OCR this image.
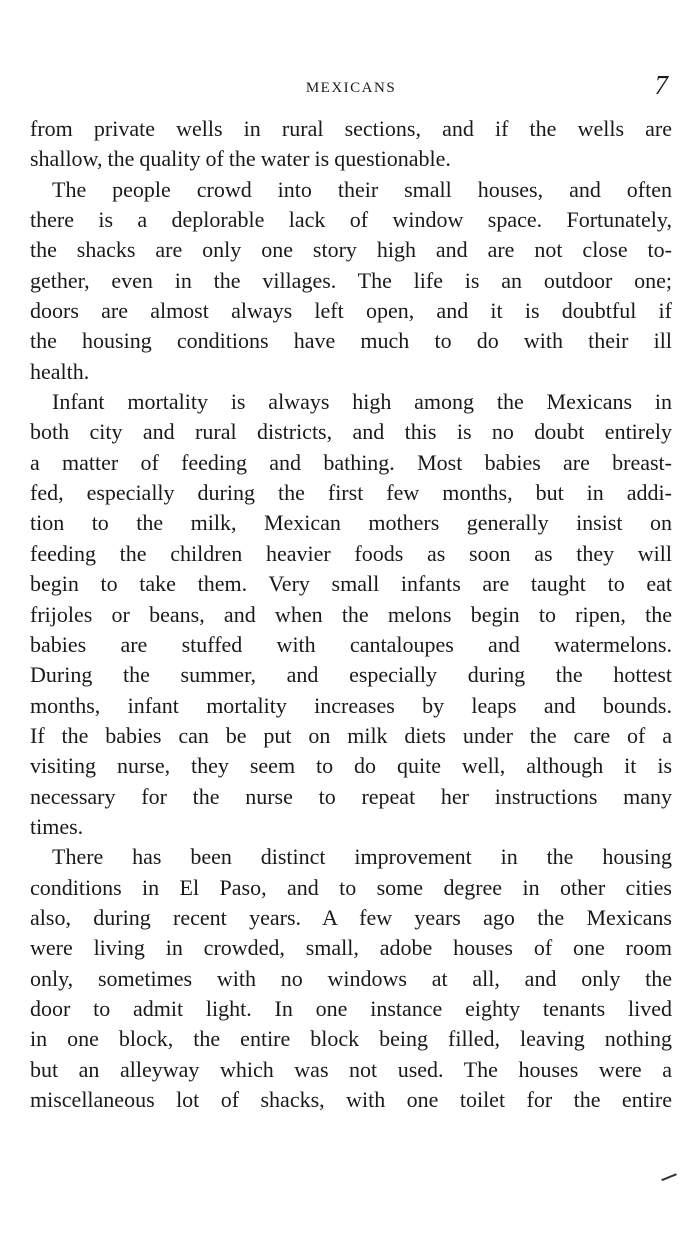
MEXICANS	7
from private wells in rural sections, and if the wells are
shallow, the quality of the water is questionable.
The people crowd into their small houses, and often
there is a deplorable lack of window space. Fortunately,
the shacks are only one story high and are not close to-
gether, even in the villages. The life is an outdoor one;
doors are almost always left open, and it is doubtful if
the housing conditions have much to do with their ill
health.
Infant mortality is always high among the Mexicans in
both city and rural districts, and this is no doubt entirely
a matter of feeding and bathing. Most babies are breast-
fed, especially during the first few months, but in addi-
tion to the milk, Mexican mothers generally insist on
feeding the children heavier foods as soon as they will
begin to take them. Very small infants are taught to eat
frijoles or beans, and when the melons begin to ripen, the
babies are stuffed with cantaloupes and watermelons.
During the summer, and especially during the hottest
months, infant mortality increases by leaps and bounds.
If the babies can be put on milk diets under the care of a
visiting nurse, they seem to do quite well, although it is
necessary for the nurse to repeat her instructions many
times.
There has been distinct improvement in the housing
conditions in El Paso, and to some degree in other cities
also, during recent years. A few years ago the Mexicans
were living in crowded, small, adobe houses of one room
only, sometimes with no windows at all, and only the
door to admit light. In one instance eighty tenants lived
in one block, the entire block being filled, leaving nothing
but an alleyway which was not used. The houses were a
miscellaneous lot of shacks, with one toilet for the entire
